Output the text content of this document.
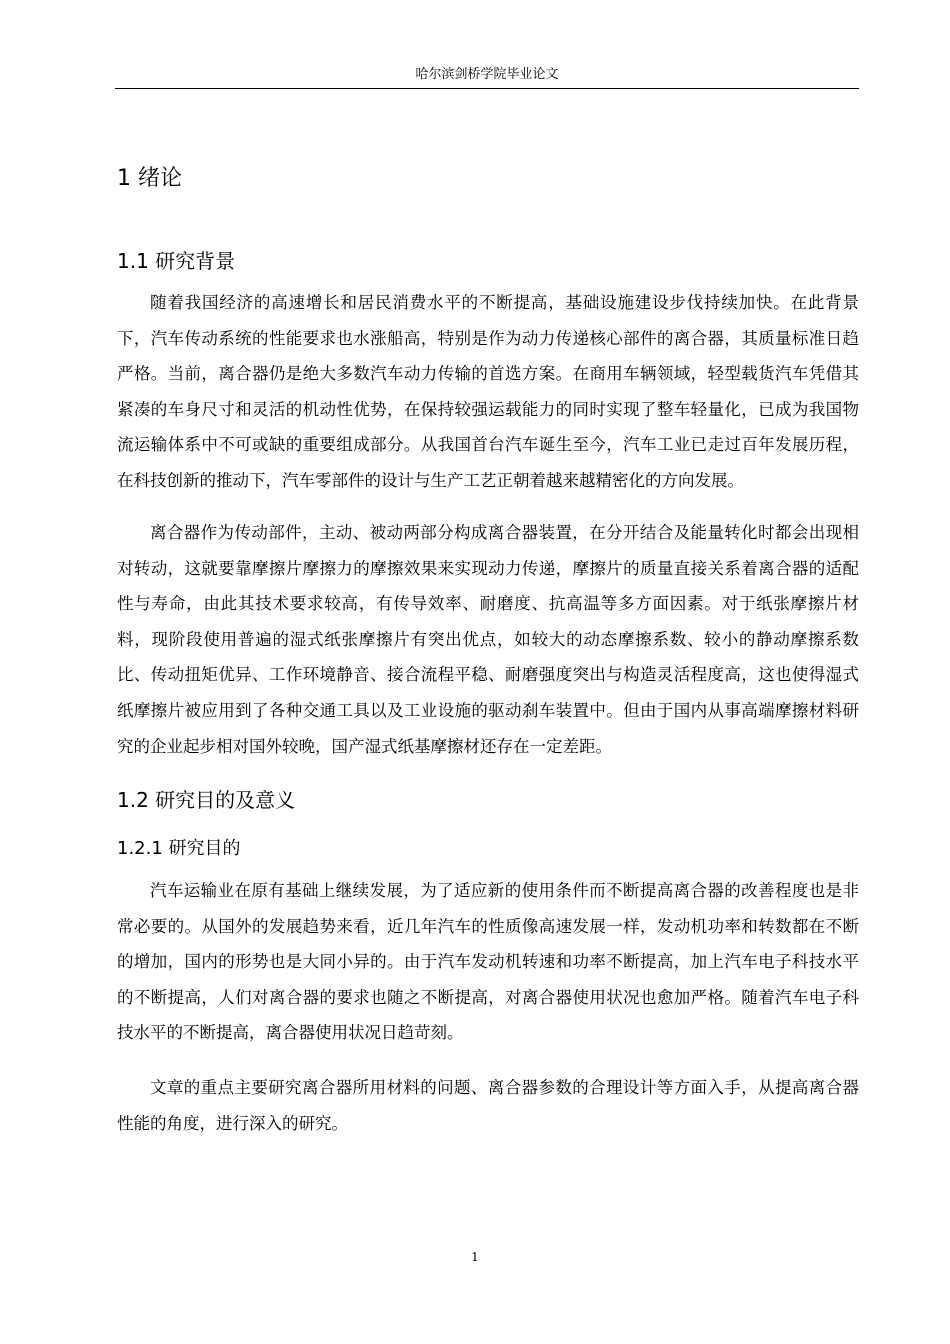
哈尔滨剑桥学院毕业论文
1 绪论
1.1 研究背景

随着我国经济的高速增长和居民消费水平的不断提高，基础设施建设步伐持续加快。在此背景下，汽车传动系统的性能要求也水涨船高，特别是作为动力传递核心部件的离合器，其质量标准日趋严格。当前，离合器仍是绝大多数汽车动力传输的首选方案。在商用车辆领域，轻型载货汽车凭借其紧凑的车身尺寸和灵活的机动性优势，在保持较强运载能力的同时实现了整车轻量化，已成为我国物流运输体系中不可或缺的重要组成部分。从我国首台汽车诞生至今，汽车工业已走过百年发展历程，在科技创新的推动下，汽车零部件的设计与生产工艺正朝着越来越精密化的方向发展。

离合器作为传动部件，主动、被动两部分构成离合器装置，在分开结合及能量转化时都会出现相对转动，这就要靠摩擦片摩擦力的摩擦效果来实现动力传递，摩擦片的质量直接关系着离合器的适配性与寿命，由此其技术要求较高，有传导效率、耐磨度、抗高温等多方面因素。对于纸张摩擦片材料，现阶段使用普遍的湿式纸张摩擦片有突出优点，如较大的动态摩擦系数、较小的静动摩擦系数比、传动扭矩优异、工作环境静音、接合流程平稳、耐磨强度突出与构造灵活程度高，这也使得湿式纸摩擦片被应用到了各种交通工具以及工业设施的驱动刹车装置中。但由于国内从事高端摩擦材料研究的企业起步相对国外较晚，国产湿式纸基摩擦材还存在一定差距。

1.2 研究目的及意义
1.2.1 研究目的

汽车运输业在原有基础上继续发展，为了适应新的使用条件而不断提高离合器的改善程度也是非常必要的。从国外的发展趋势来看，近几年汽车的性质像高速发展一样，发动机功率和转数都在不断的增加，国内的形势也是大同小异的。由于汽车发动机转速和功率不断提高，加上汽车电子科技水平的不断提高，人们对离合器的要求也随之不断提高，对离合器使用状况也愈加严格。随着汽车电子科技水平的不断提高，离合器使用状况日趋苛刻。

文章的重点主要研究离合器所用材料的问题、离合器参数的合理设计等方面入手，从提高离合器性能的角度，进行深入的研究。

1
